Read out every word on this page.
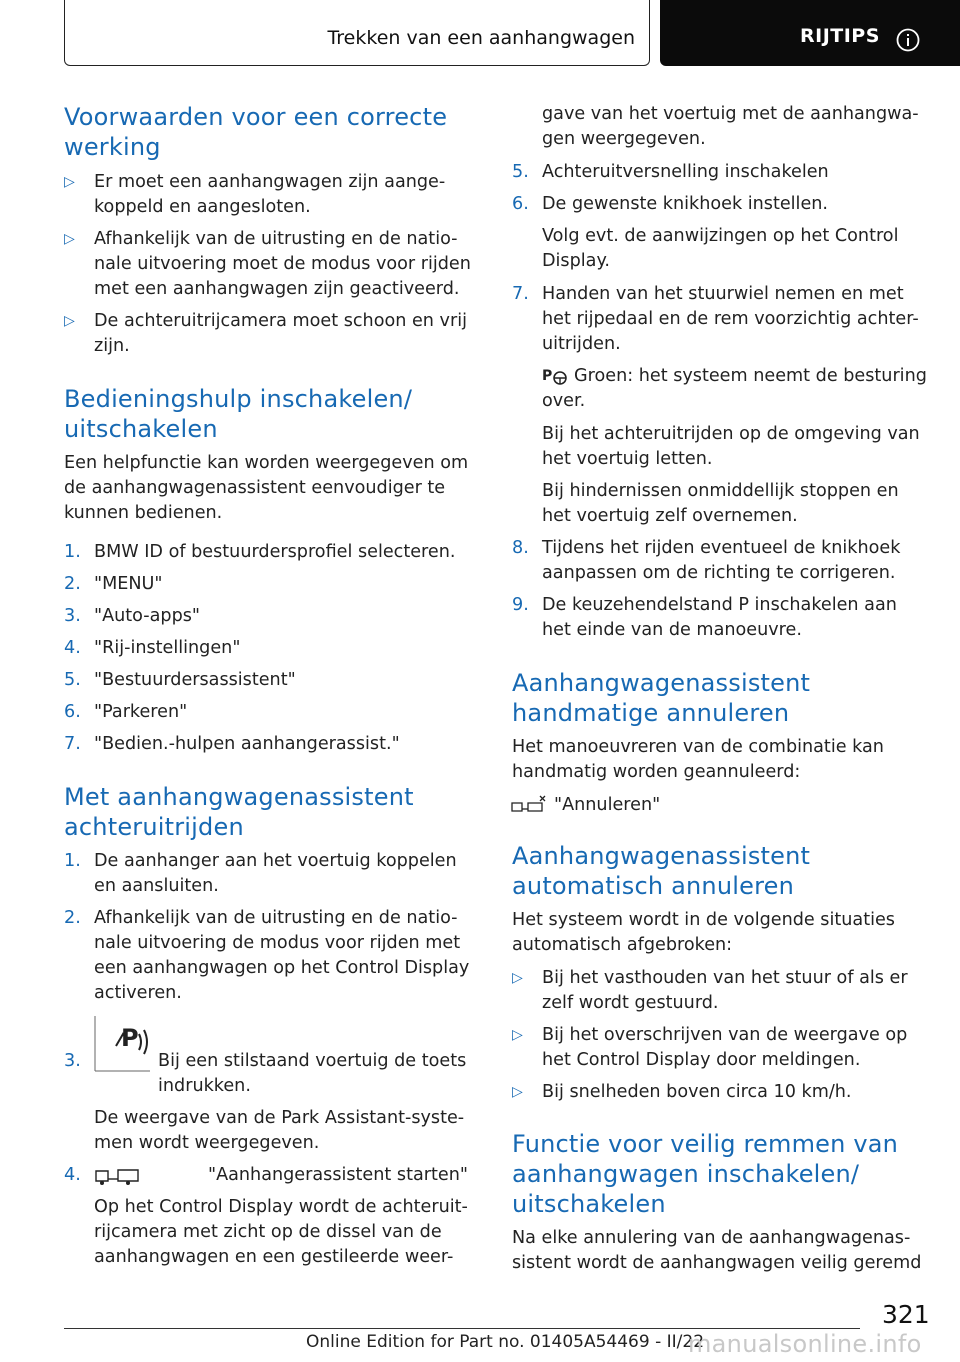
Trekken van een aanhangwagen	RIJTIPS
Voorwaarden voor een correcte werking
▷ Er moet een aanhangwagen zijn aange- koppeld en aangesloten.
▷ Afhankelijk van de uitrusting en de natio- nale uitvoering moet de modus voor rijden met een aanhangwagen zijn geactiveerd.
▷ De achteruitrijcamera moet schoon en vrij zijn.
Bedieningshulp inschakelen/ uitschakelen
Een helpfunctie kan worden weergegeven om de aanhangwagenassistent eenvoudiger te kunnen bedienen.
1. BMW ID of bestuurdersprofiel selecteren.
2. "MENU"
3. "Auto-apps"
4. "Rij-instellingen"
5. "Bestuurdersassistent"
6. "Parkeren"
7. "Bedien.-hulpen aanhangerassist."
Met aanhangwagenassistent achteruitrijden
1. De aanhanger aan het voertuig koppelen en aansluiten.
2. Afhankelijk van de uitrusting en de natio- nale uitvoering de modus voor rijden met een aanhangwagen op het Control Display activeren.
3.
P
Bij een stilstaand voertuig de toets indrukken.
De weergave van de Park Assistant-syste- men wordt weergegeven.
4.	"Aanhangerassistent starten"
Op het Control Display wordt de achteruit- rijcamera met zicht op de dissel van de aanhangwagen en een gestileerde weer-
gave van het voertuig met de aanhangwa- gen weergegeven.
5. Achteruitversnelling inschakelen
6. De gewenste knikhoek instellen.
Volg evt. de aanwijzingen op het Control Display.
7. Handen van het stuurwiel nemen en met het rijpedaal en de rem voorzichtig achter- uitrijden.
P	Groen: het systeem neemt de besturing over.
Bij het achteruitrijden op de omgeving van het voertuig letten.
Bij hindernissen onmiddellijk stoppen en het voertuig zelf overnemen.
8. Tijdens het rijden eventueel de knikhoek aanpassen om de richting te corrigeren.
9. De keuzehendelstand P inschakelen aan het einde van de manoeuvre.
Aanhangwagenassistent handmatige annuleren
Het manoeuvreren van de combinatie kan handmatig worden geannuleerd:
"Annuleren"
Aanhangwagenassistent automatisch annuleren
Het systeem wordt in de volgende situaties automatisch afgebroken:
▷ Bij het vasthouden van het stuur of als er zelf wordt gestuurd.
▷ Bij het overschrijven van de weergave op het Control Display door meldingen.
▷ Bij snelheden boven circa 10 km/h.
Functie voor veilig remmen van aanhangwagen inschakelen/ uitschakelen
Na elke annulering van de aanhangwagenas- sistent wordt de aanhangwagen veilig geremd
321
Online Edition for Part no. 01405A54469 - II/22
manualsonline.info
